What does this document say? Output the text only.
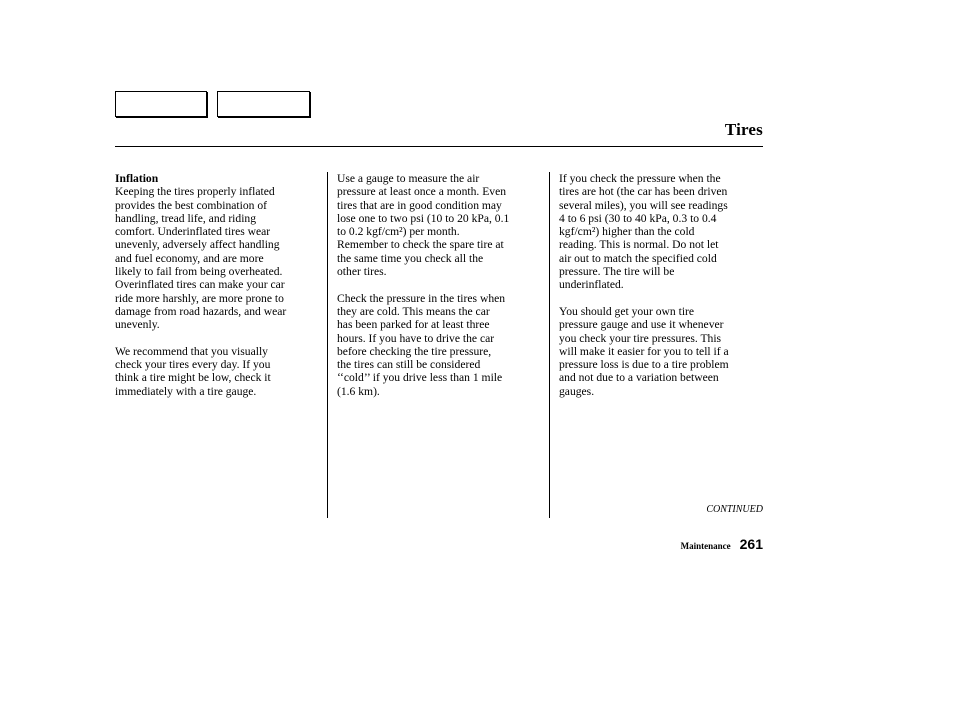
Tires
Inflation

Keeping the tires properly inflated
provides the best combination of
handling, tread life, and riding
comfort. Underinflated tires wear
unevenly, adversely affect handling
and fuel economy, and are more
likely to fail from being overheated.
Overinflated tires can make your car
ride more harshly, are more prone to
damage from road hazards, and wear
unevenly.

We recommend that you visually
check your tires every day. If you
think a tire might be low, check it
immediately with a tire gauge.

Use a gauge to measure the air
pressure at least once a month. Even
tires that are in good condition may
lose one to two psi (10 to 20 kPa, 0.1
to 0.2 kgf/cm²) per month.
Remember to check the spare tire at
the same time you check all the
other tires.

Check the pressure in the tires when
they are cold. This means the car
has been parked for at least three
hours. If you have to drive the car
before checking the tire pressure,
the tires can still be considered
‘‘cold’’ if you drive less than 1 mile
(1.6 km).

If you check the pressure when the
tires are hot (the car has been driven
several miles), you will see readings
4 to 6 psi (30 to 40 kPa, 0.3 to 0.4
kgf/cm²) higher than the cold
reading. This is normal. Do not let
air out to match the specified cold
pressure. The tire will be
underinflated.

You should get your own tire
pressure gauge and use it whenever
you check your tire pressures. This
will make it easier for you to tell if a
pressure loss is due to a tire problem
and not due to a variation between
gauges.

CONTINUED
Maintenance 261
